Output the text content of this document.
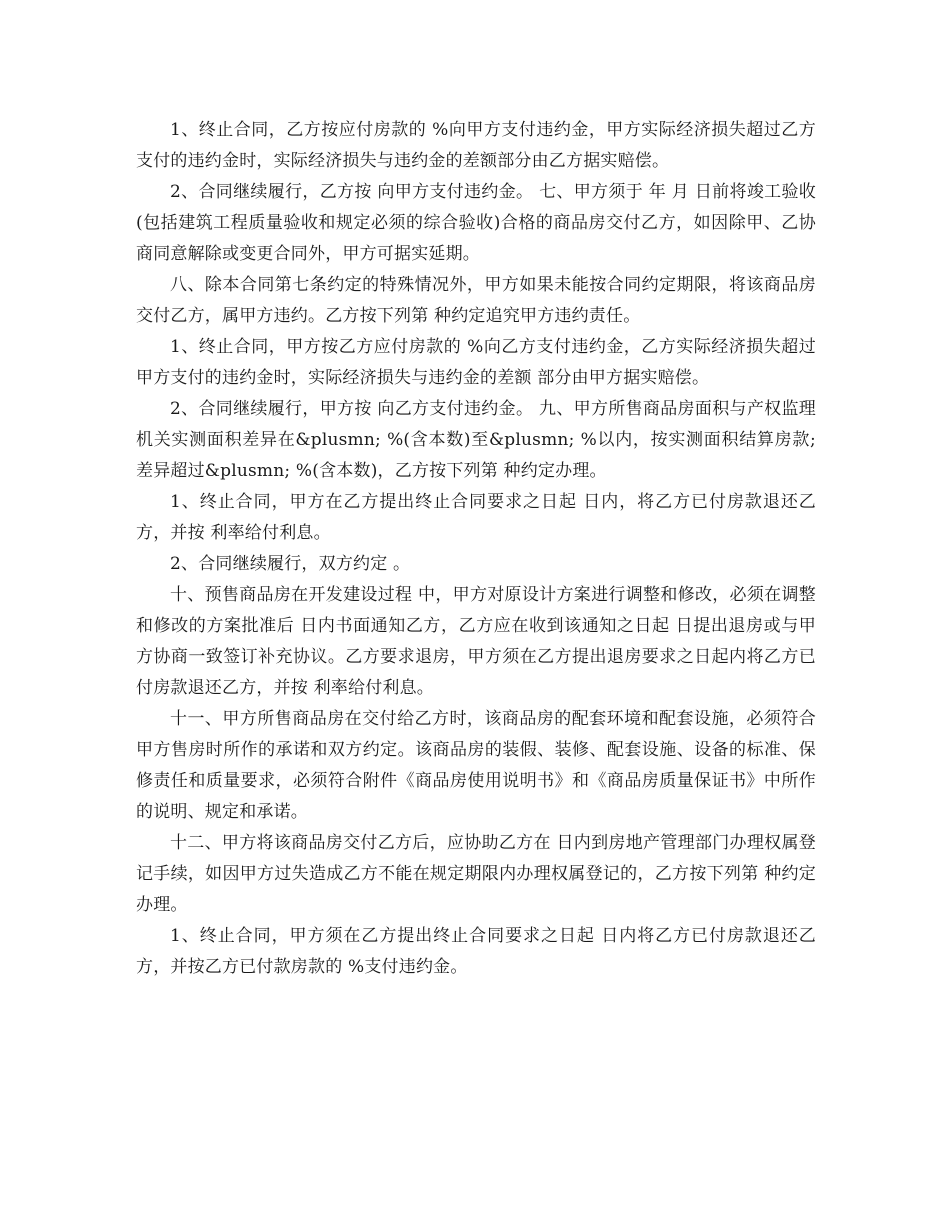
1、终止合同，乙方按应付房款的 %向甲方支付违约金，甲方实际经济损失超过乙方支付的违约金时，实际经济损失与违约金的差额部分由乙方据实赔偿。

2、合同继续履行，乙方按 向甲方支付违约金。 七、甲方须于 年 月 日前将竣工验收(包括建筑工程质量验收和规定必须的综合验收)合格的商品房交付乙方，如因除甲、乙协商同意解除或变更合同外，甲方可据实延期。

八、除本合同第七条约定的特殊情况外，甲方如果未能按合同约定期限，将该商品房交付乙方，属甲方违约。乙方按下列第 种约定追究甲方违约责任。

1、终止合同，甲方按乙方应付房款的 %向乙方支付违约金，乙方实际经济损失超过甲方支付的违约金时，实际经济损失与违约金的差额 部分由甲方据实赔偿。

2、合同继续履行，甲方按 向乙方支付违约金。 九、甲方所售商品房面积与产权监理机关实测面积差异在&plusmn; %(含本数)至&plusmn; %以内，按实测面积结算房款;差异超过&plusmn; %(含本数)，乙方按下列第 种约定办理。

1、终止合同，甲方在乙方提出终止合同要求之日起 日内，将乙方已付房款退还乙方，并按 利率给付利息。

2、合同继续履行，双方约定 。

十、预售商品房在开发建设过程 中，甲方对原设计方案进行调整和修改，必须在调整和修改的方案批准后 日内书面通知乙方，乙方应在收到该通知之日起 日提出退房或与甲方协商一致签订补充协议。乙方要求退房，甲方须在乙方提出退房要求之日起内将乙方已付房款退还乙方，并按 利率给付利息。

十一、甲方所售商品房在交付给乙方时，该商品房的配套环境和配套设施，必须符合甲方售房时所作的承诺和双方约定。该商品房的装假、装修、配套设施、设备的标准、保修责任和质量要求，必须符合附件《商品房使用说明书》和《商品房质量保证书》中所作的说明、规定和承诺。

十二、甲方将该商品房交付乙方后，应协助乙方在 日内到房地产管理部门办理权属登记手续，如因甲方过失造成乙方不能在规定期限内办理权属登记的，乙方按下列第 种约定办理。

1、终止合同，甲方须在乙方提出终止合同要求之日起 日内将乙方已付房款退还乙方，并按乙方已付款房款的 %支付违约金。
